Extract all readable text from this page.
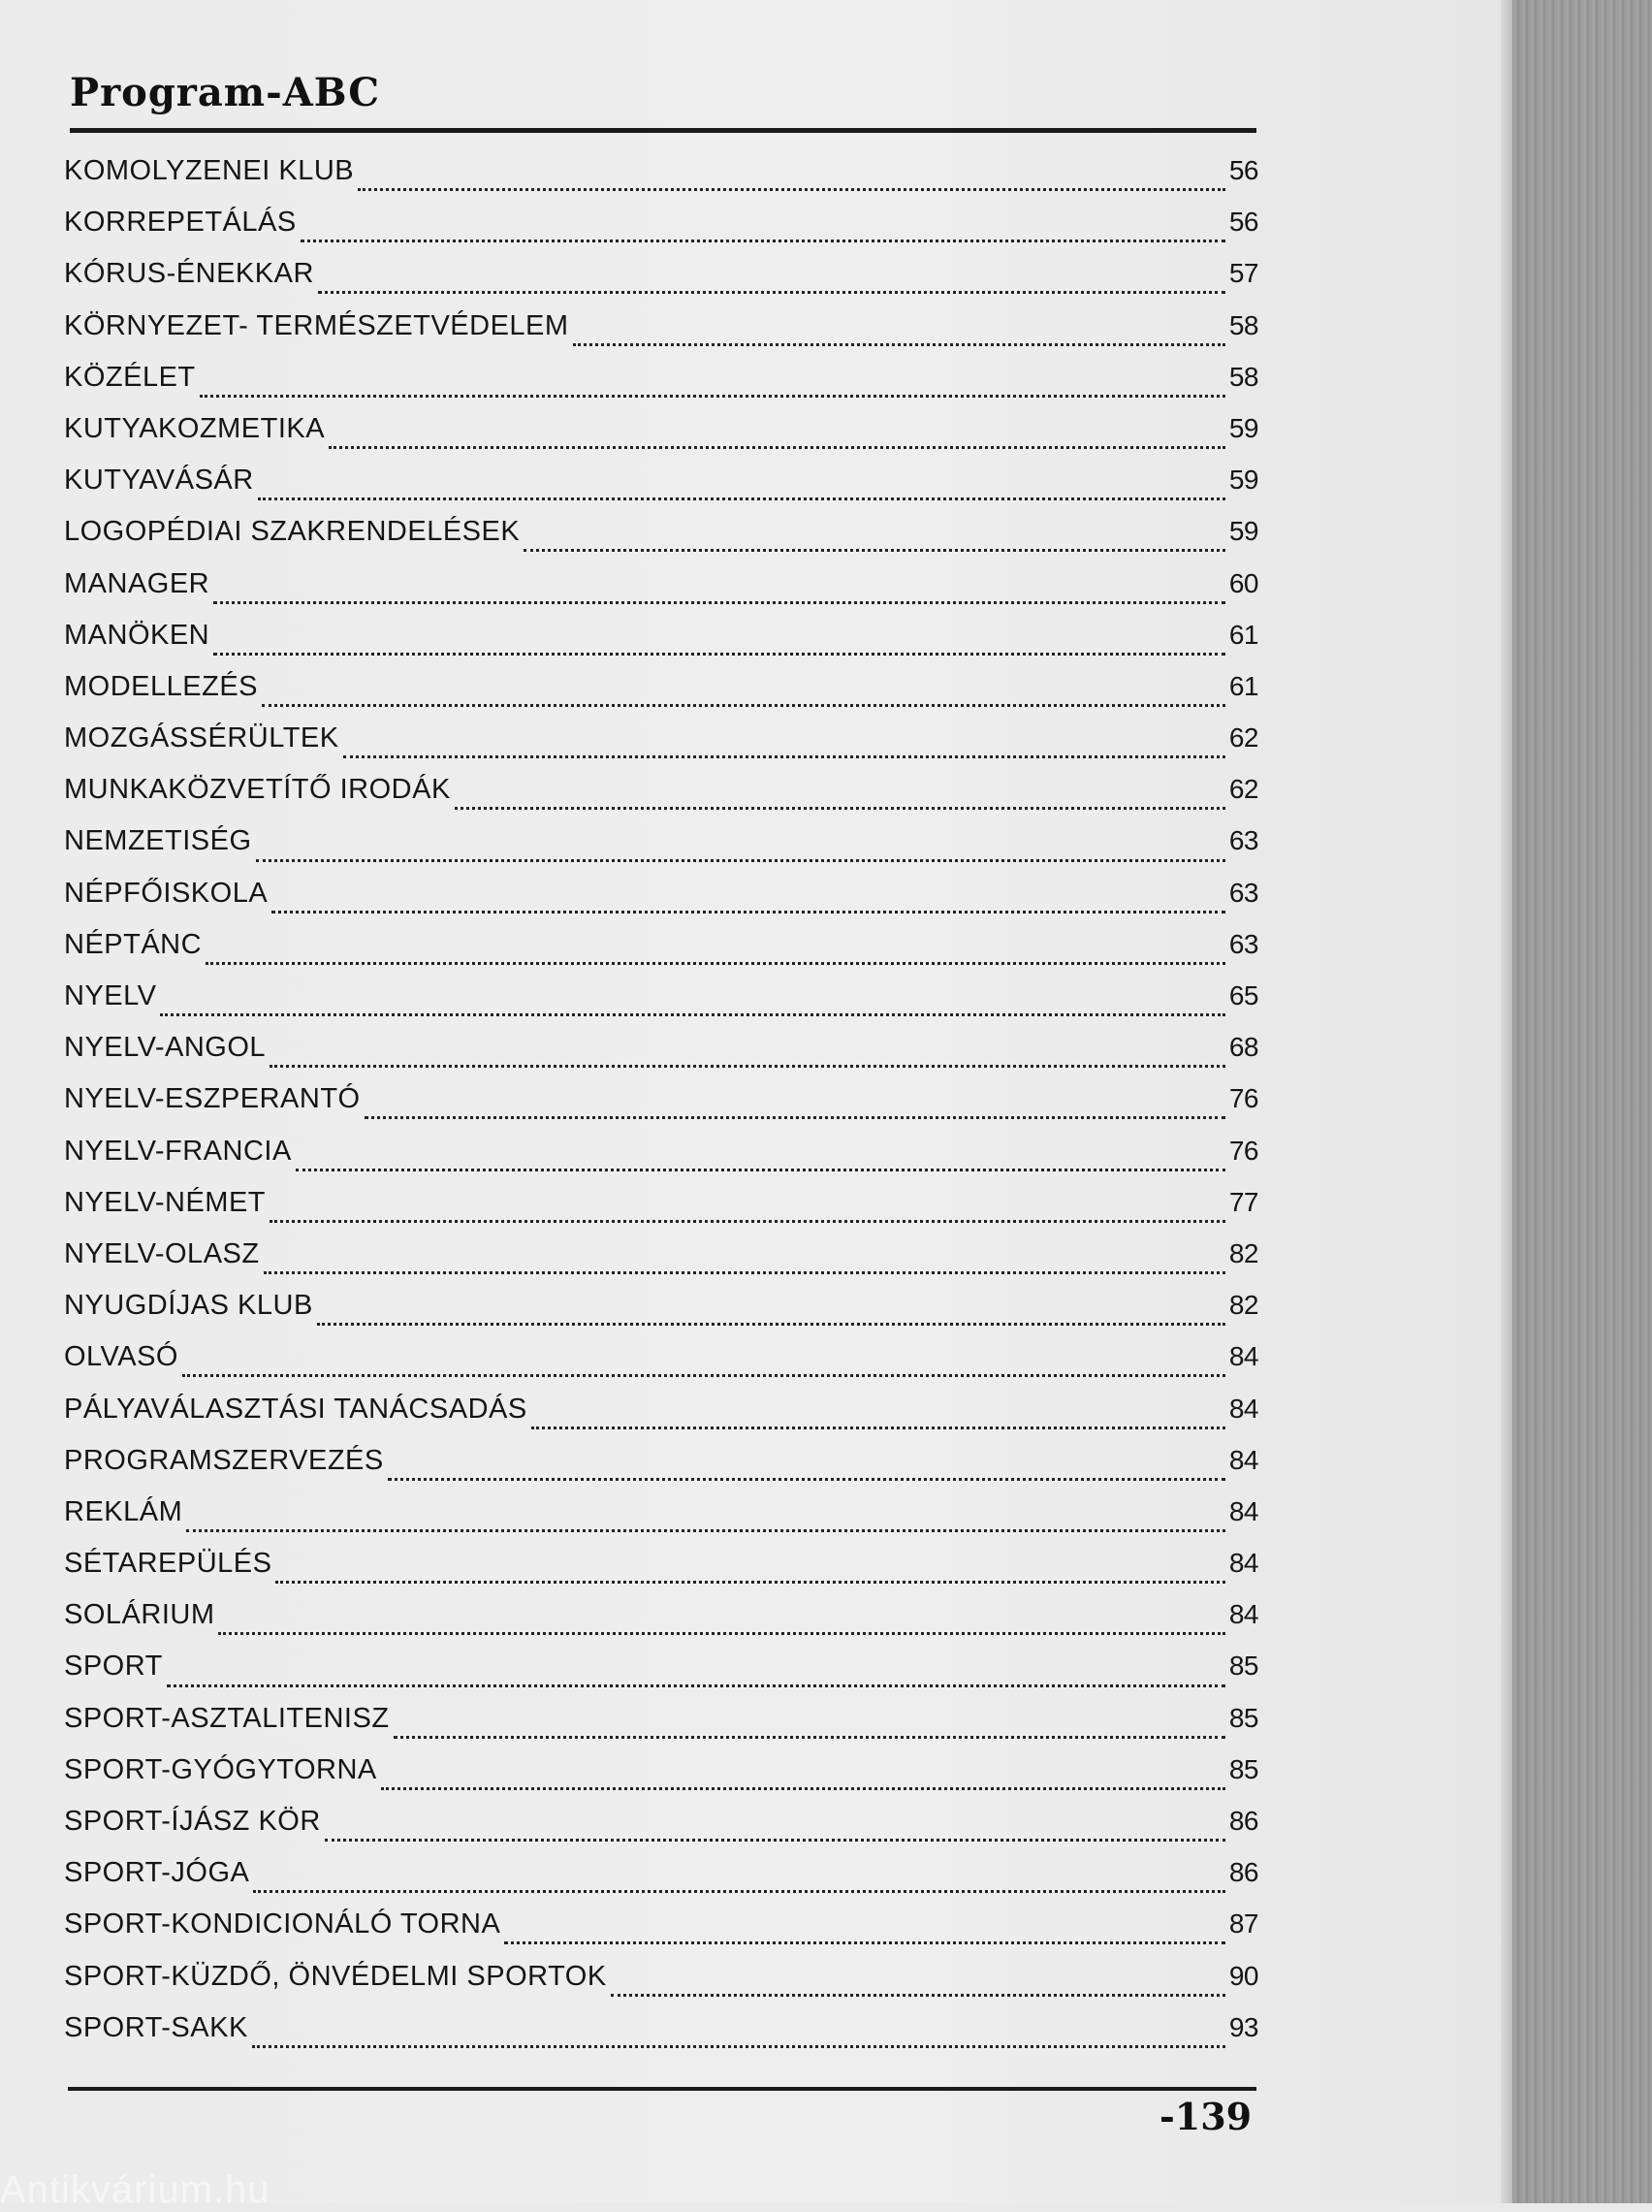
Program-ABC
KOMOLYZENEI KLUB	56
KORREPETÁLÁS	56
KÓRUS-ÉNEKKAR	57
KÖRNYEZET- TERMÉSZETVÉDELEM	58
KÖZÉLET	58
KUTYAKOZMETIKA	59
KUTYAVÁSÁR	59
LOGOPÉDIAI SZAKRENDELÉSEK	59
MANAGER	60
MANÖKEN	61
MODELLEZÉS	61
MOZGÁSSÉRÜLTEK	62
MUNKAKÖZVETÍTŐ IRODÁK	62
NEMZETISÉG	63
NÉPFŐISKOLA	63
NÉPTÁNC	63
NYELV	65
NYELV-ANGOL	68
NYELV-ESZPERANTÓ	76
NYELV-FRANCIA	76
NYELV-NÉMET	77
NYELV-OLASZ	82
NYUGDÍJAS KLUB	82
OLVASÓ	84
PÁLYAVÁLASZTÁSI TANÁCSADÁS	84
PROGRAMSZERVEZÉS	84
REKLÁM	84
SÉTAREPÜLÉS	84
SOLÁRIUM	84
SPORT	85
SPORT-ASZTALITENISZ	85
SPORT-GYÓGYTORNA	85
SPORT-ÍJÁSZ KÖR	86
SPORT-JÓGA	86
SPORT-KONDICIONÁLÓ TORNA	87
SPORT-KÜZDŐ, ÖNVÉDELMI SPORTOK	90
SPORT-SAKK	93
-139
Antikvárium.hu
